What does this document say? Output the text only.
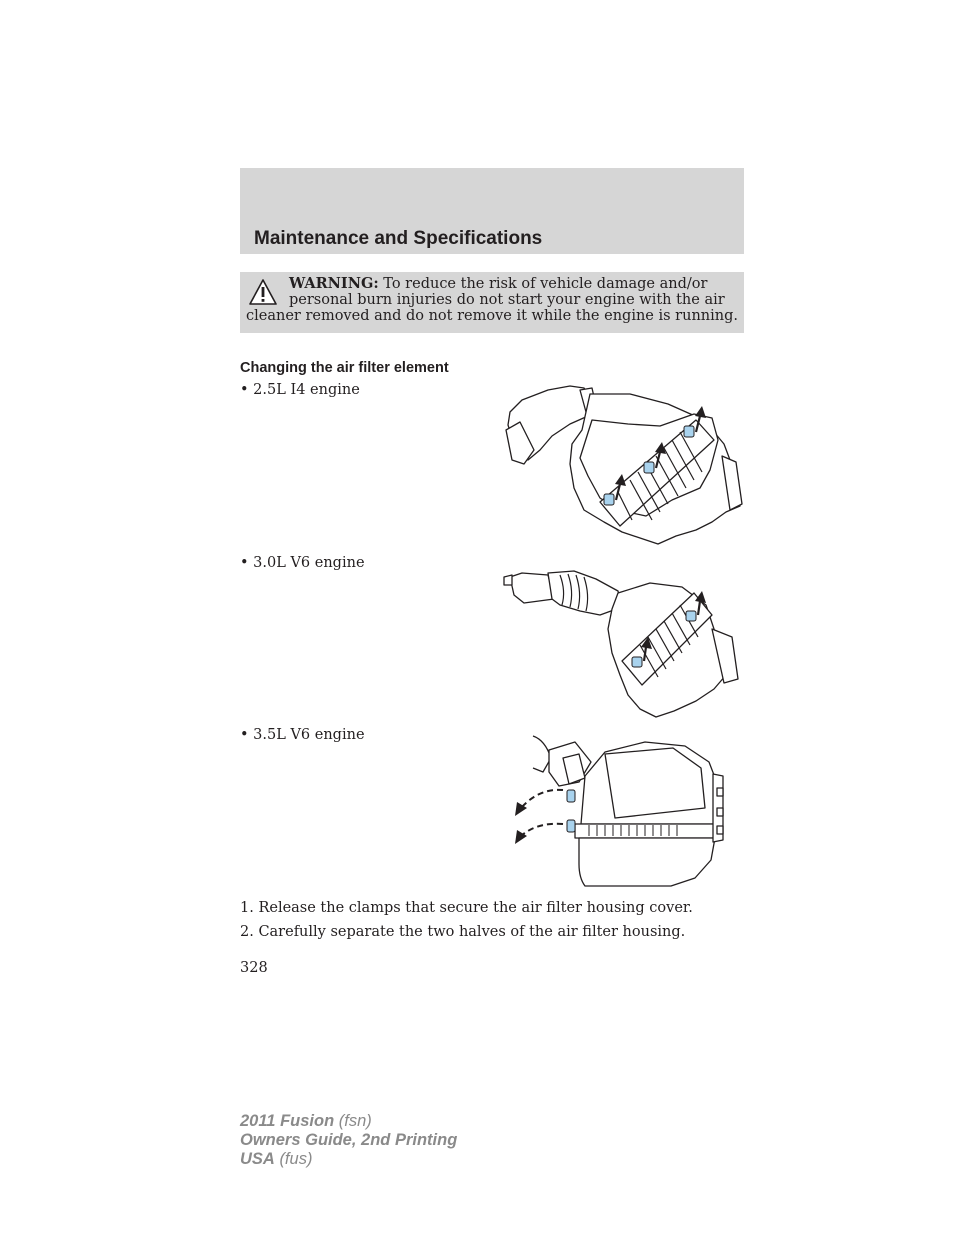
Maintenance and Specifications
WARNING: To reduce the risk of vehicle damage and/or
personal burn injuries do not start your engine with the air
cleaner removed and do not remove it while the engine is running.
Changing the air filter element
• 2.5L I4 engine
• 3.0L V6 engine
• 3.5L V6 engine
1. Release the clamps that secure the air filter housing cover.
2. Carefully separate the two halves of the air filter housing.
328
2011 Fusion (fsn)
Owners Guide, 2nd Printing
USA (fus)
